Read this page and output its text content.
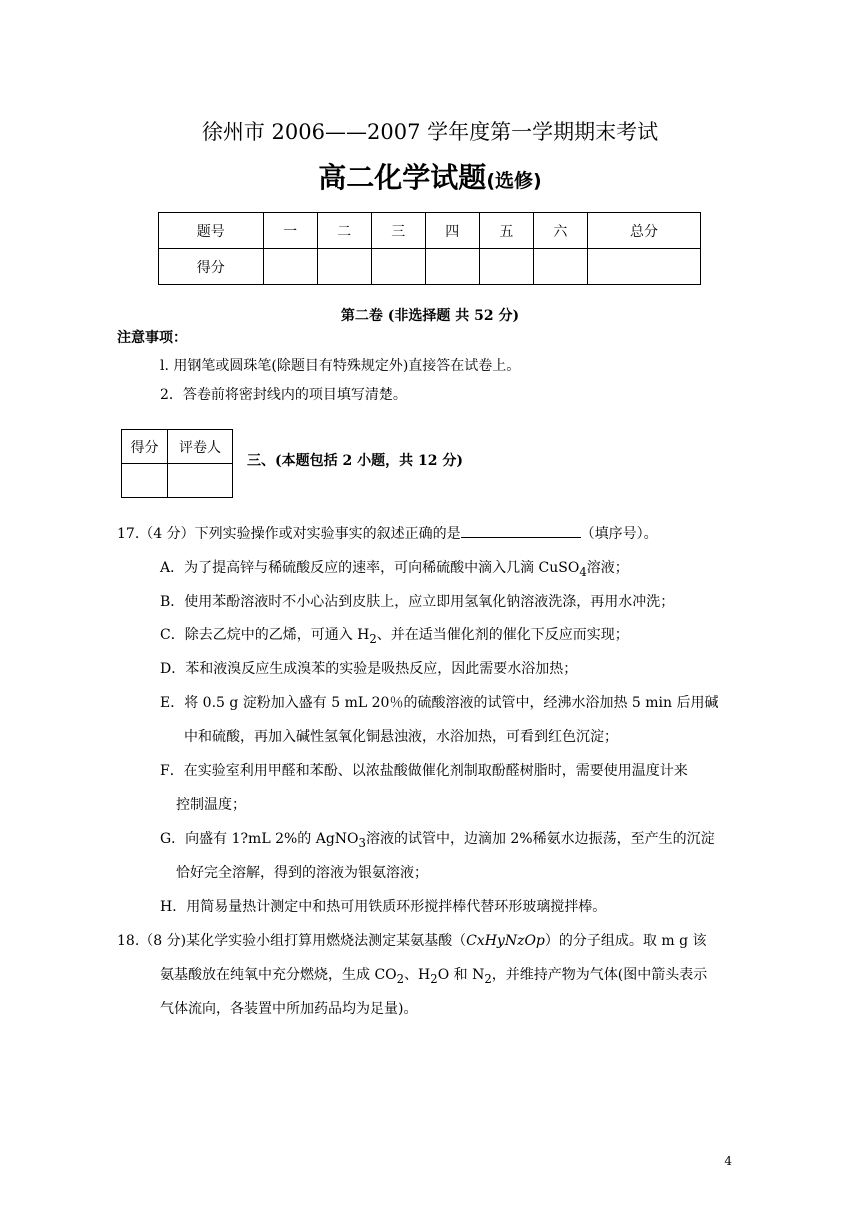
徐州市 2006——2007 学年度第一学期期末考试
高二化学试题(选修)
题号	一	二	三	四	五	六	总分
得分							
第二卷 (非选择题 共 52 分)
注意事项：
l. 用钢笔或圆珠笔(除题目有特殊规定外)直接答在试卷上。
2．答卷前将密封线内的项目填写清楚。
得分	评卷人

三、(本题包括 2 小题，共 12 分)
17.（4 分）下列实验操作或对实验事实的叙述正确的是	（填序号）。
A．为了提高锌与稀硫酸反应的速率，可向稀硫酸中滴入几滴 CuSO$_4$溶液；
B．使用苯酚溶液时不小心沾到皮肤上，应立即用氢氧化钠溶液洗涤，再用水冲洗；
C．除去乙烷中的乙烯，可通入 $H_2$、并在适当催化剂的催化下反应而实现；
D．苯和液溴反应生成溴苯的实验是吸热反应，因此需要水浴加热；
E．将 0.5 g 淀粉加入盛有 5 mL 20％的硫酸溶液的试管中，经沸水浴加热 5 min 后用碱
中和硫酸，再加入碱性氢氧化铜悬浊液，水浴加热，可看到红色沉淀；
F．在实验室利用甲醛和苯酚、以浓盐酸做催化剂制取酚醛树脂时，需要使用温度计来
控制温度；
G．向盛有 1?mL 2%的 AgNO$_3$溶液的试管中，边滴加 2%稀氨水边振荡，至产生的沉淀
恰好完全溶解，得到的溶液为银氨溶液；
H．用简易量热计测定中和热可用铁质环形搅拌棒代替环形玻璃搅拌棒。
18.（8 分)某化学实验小组打算用燃烧法测定某氨基酸（CxHyNzOp）的分子组成。取 m g 该
氨基酸放在纯氧中充分燃烧，生成 $CO_2$、$H_2O$ 和 $N_2$，并维持产物为气体(图中箭头表示
气体流向，各装置中所加药品均为足量)。
4
